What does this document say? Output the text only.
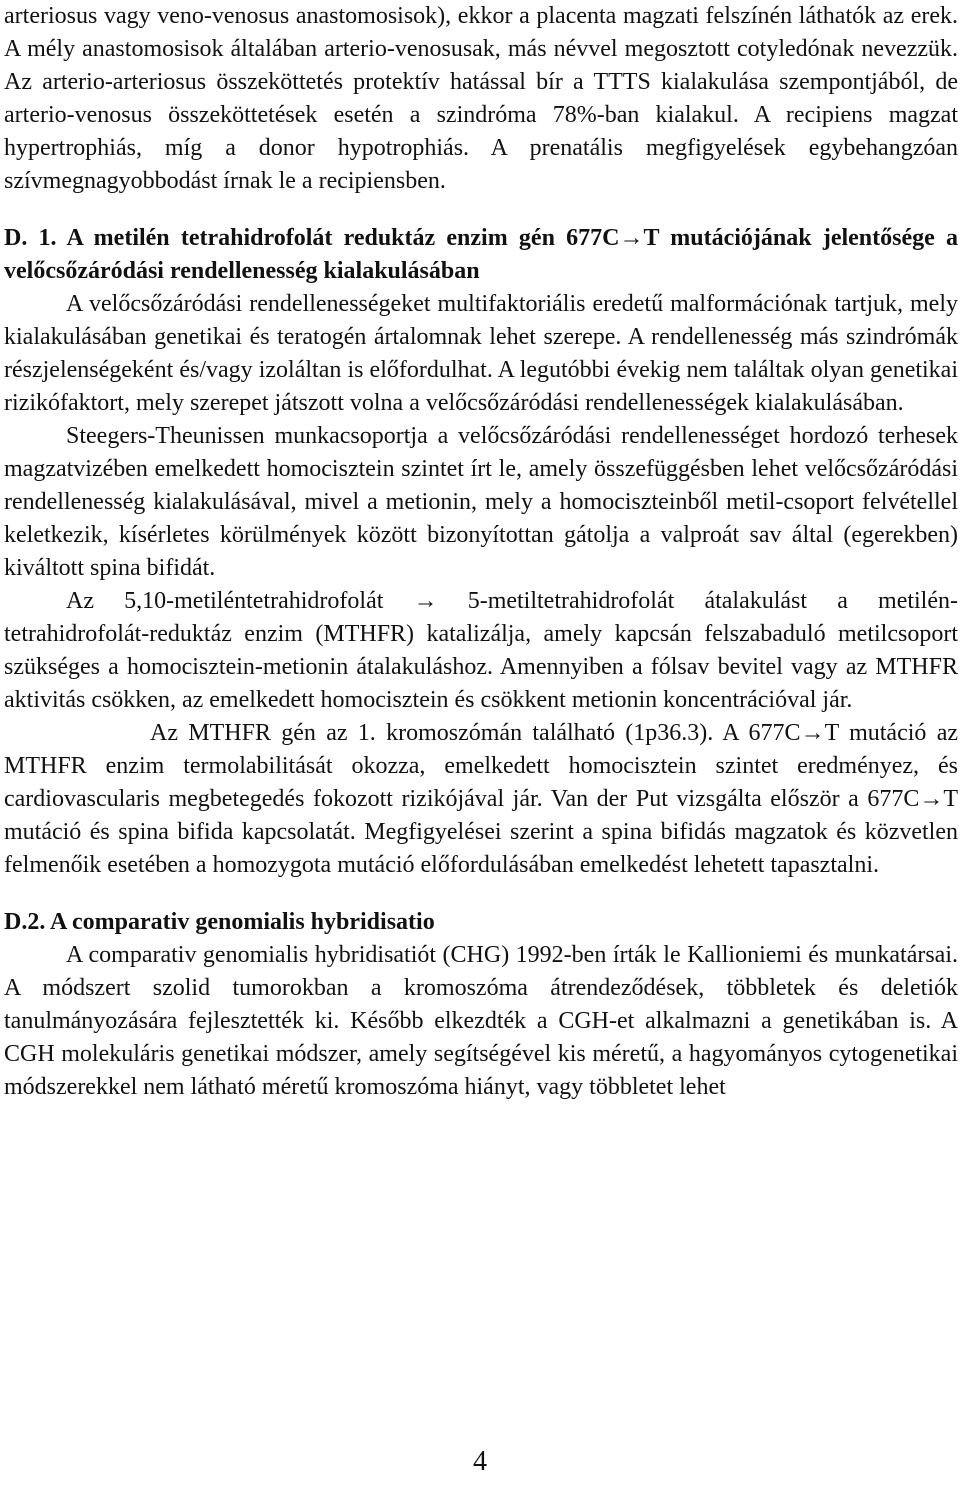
arteriosus vagy veno-venosus anastomosisok), ekkor a placenta magzati felszínén láthatók az erek. A mély anastomosisok általában arterio-venosusak, más névvel megosztott cotyledónak nevezzük. Az arterio-arteriosus összeköttetés protektív hatással bír a TTTS kialakulása szempontjából, de arterio-venosus összeköttetések esetén a szindróma 78%-ban kialakul. A recipiens magzat hypertrophiás, míg a donor hypotrophiás. A prenatális megfigyelések egybehangzóan szívmegnagyobbodást írnak le a recipiensben.

D. 1. A metilén tetrahidrofolát reduktáz enzim gén 677C→T mutációjának jelentősége a velőcsőzáródási rendellenesség kialakulásában

A velőcsőzáródási rendellenességeket multifaktoriális eredetű malformációnak tartjuk, mely kialakulásában genetikai és teratogén ártalomnak lehet szerepe. A rendellenesség más szindrómák részjelenségeként és/vagy izoláltan is előfordulhat. A legutóbbi évekig nem találtak olyan genetikai rizikófaktort, mely szerepet játszott volna a velőcsőzáródási rendellenességek kialakulásában.

Steegers-Theunissen munkacsoportja a velőcsőzáródási rendellenességet hordozó terhesek magzatvizében emelkedett homocisztein szintet írt le, amely összefüggésben lehet velőcsőzáródási rendellenesség kialakulásával, mivel a metionin, mely a homociszteinből metil-csoport felvétellel keletkezik, kísérletes körülmények között bizonyítottan gátolja a valproát sav által (egerekben) kiváltott spina bifidát.

Az 5,10-metiléntetrahidrofolát → 5-metiltetrahidrofolát átalakulást a metilén-tetrahidrofolát-reduktáz enzim (MTHFR) katalizálja, amely kapcsán felszabaduló metilcsoport szükséges a homocisztein-metionin átalakuláshoz. Amennyiben a fólsav bevitel vagy az MTHFR aktivitás csökken, az emelkedett homocisztein és csökkent metionin koncentrációval jár.

Az MTHFR gén az 1. kromoszómán található (1p36.3). A 677C→T mutáció az MTHFR enzim termolabilitását okozza, emelkedett homocisztein szintet eredményez, és cardiovascularis megbetegedés fokozott rizikójával jár. Van der Put vizsgálta először a 677C→T mutáció és spina bifida kapcsolatát. Megfigyelései szerint a spina bifidás magzatok és közvetlen felmenőik esetében a homozygota mutáció előfordulásában emelkedést lehetett tapasztalni.

D.2. A comparativ genomialis hybridisatio

A comparativ genomialis hybridisatiót (CHG) 1992-ben írták le Kallioniemi és munkatársai. A módszert szolid tumorokban a kromoszóma átrendeződések, többletek és deletiók tanulmányozására fejlesztették ki. Később elkezdték a CGH-et alkalmazni a genetikában is. A CGH molekuláris genetikai módszer, amely segítségével kis méretű, a hagyományos cytogenetikai módszerekkel nem látható méretű kromoszóma hiányt, vagy többletet lehet

4
